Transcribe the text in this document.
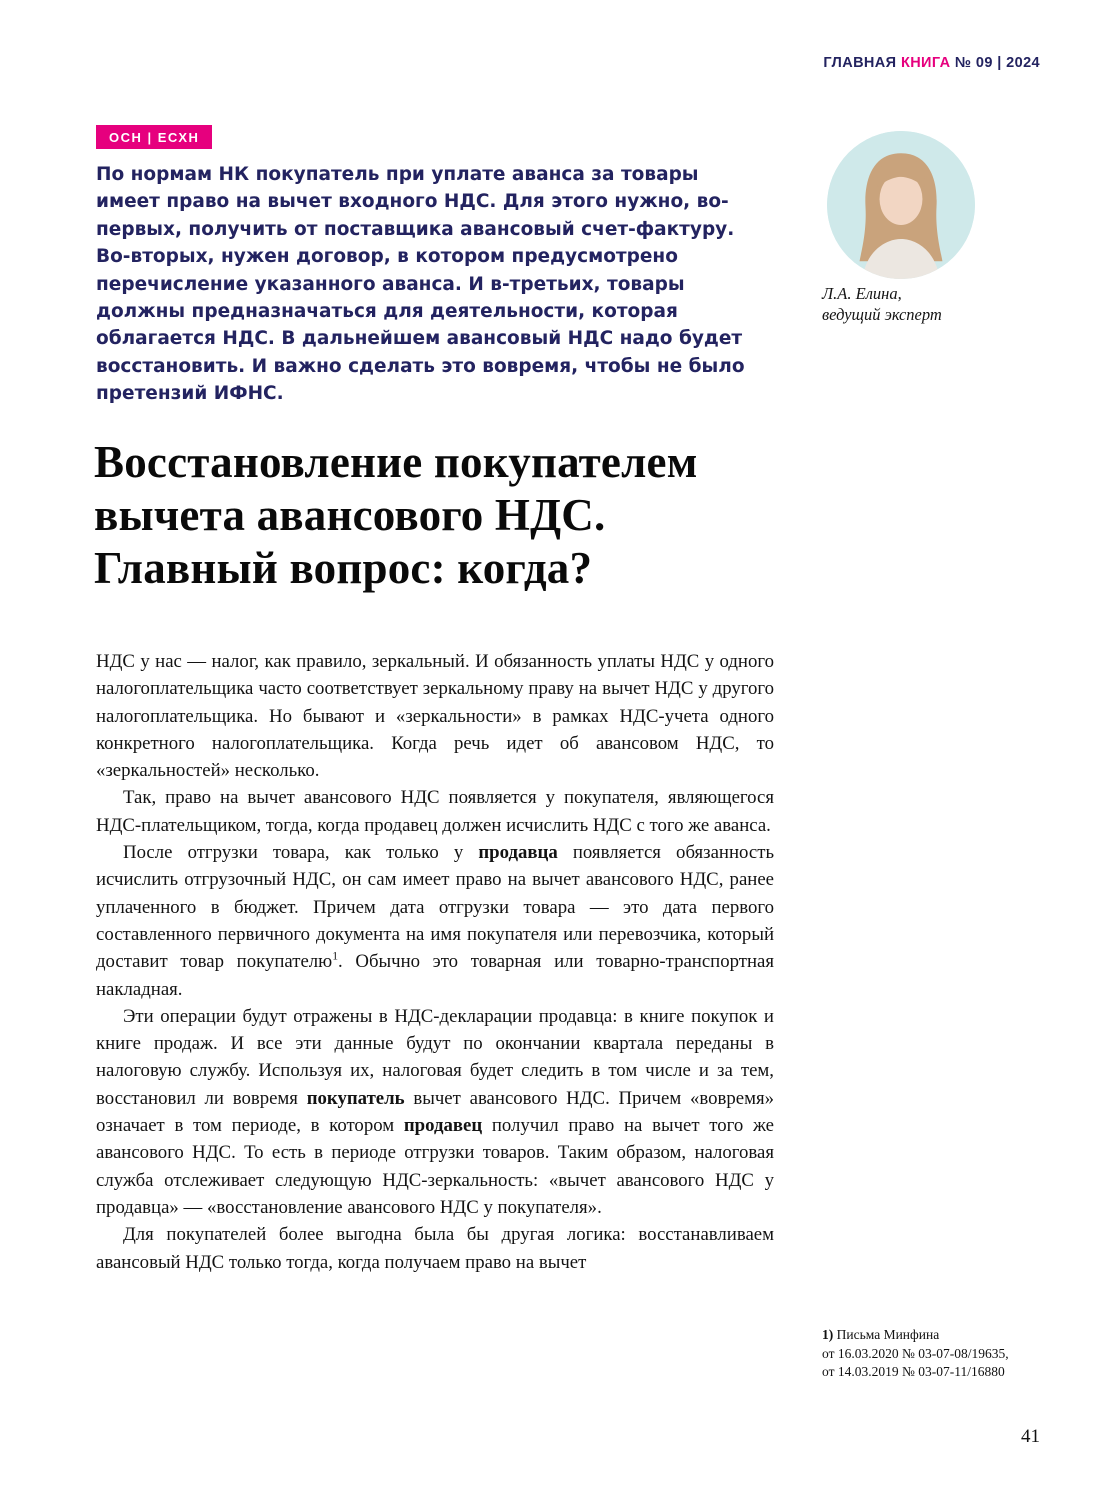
ГЛАВНАЯ КНИГА № 09 | 2024
ОСН | ЕСХН
По нормам НК покупатель при уплате аванса за товары имеет право на вычет входного НДС. Для этого нужно, во-первых, получить от поставщика авансовый счет-фактуру. Во-вторых, нужен договор, в котором предусмотрено перечисление указанного аванса. И в-третьих, товары должны предназначаться для деятельности, которая облагается НДС. В дальнейшем авансовый НДС надо будет восстановить. И важно сделать это вовремя, чтобы не было претензий ИФНС.
Л.А. Елина,
ведущий эксперт
Восстановление покупателем
вычета авансового НДС.
Главный вопрос: когда?

НДС у нас — налог, как правило, зеркальный. И обязанность уплаты НДС у одного налогоплательщика часто соответствует зеркальному праву на вычет НДС у другого налогоплательщика. Но бывают и «зеркальности» в рамках НДС-учета одного конкретного налогоплательщика. Когда речь идет об авансовом НДС, то «зеркальностей» несколько.

Так, право на вычет авансового НДС появляется у покупателя, являющегося НДС-плательщиком, тогда, когда продавец должен исчислить НДС с того же аванса.

После отгрузки товара, как только у продавца появляется обязанность исчислить отгрузочный НДС, он сам имеет право на вычет авансового НДС, ранее уплаченного в бюджет. Причем дата отгрузки товара — это дата первого составленного первичного документа на имя покупателя или перевозчика, который доставит товар покупателю$^1$. Обычно это товарная или товарно-транспортная накладная.

Эти операции будут отражены в НДС-декларации продавца: в книге покупок и книге продаж. И все эти данные будут по окончании квартала переданы в налоговую службу. Используя их, налоговая будет следить в том числе и за тем, восстановил ли вовремя покупатель вычет авансового НДС. Причем «вовремя» означает в том периоде, в котором продавец получил право на вычет того же авансового НДС. То есть в периоде отгрузки товаров. Таким образом, налоговая служба отслеживает следующую НДС-зеркальность: «вычет авансового НДС у продавца» — «восстановление авансового НДС у покупателя».

Для покупателей более выгодна была бы другая логика: восстанавливаем авансовый НДС только тогда, когда получаем право на вычет

1) Письма Минфина
от 16.03.2020 № 03-07-08/19635,
от 14.03.2019 № 03-07-11/16880
41
